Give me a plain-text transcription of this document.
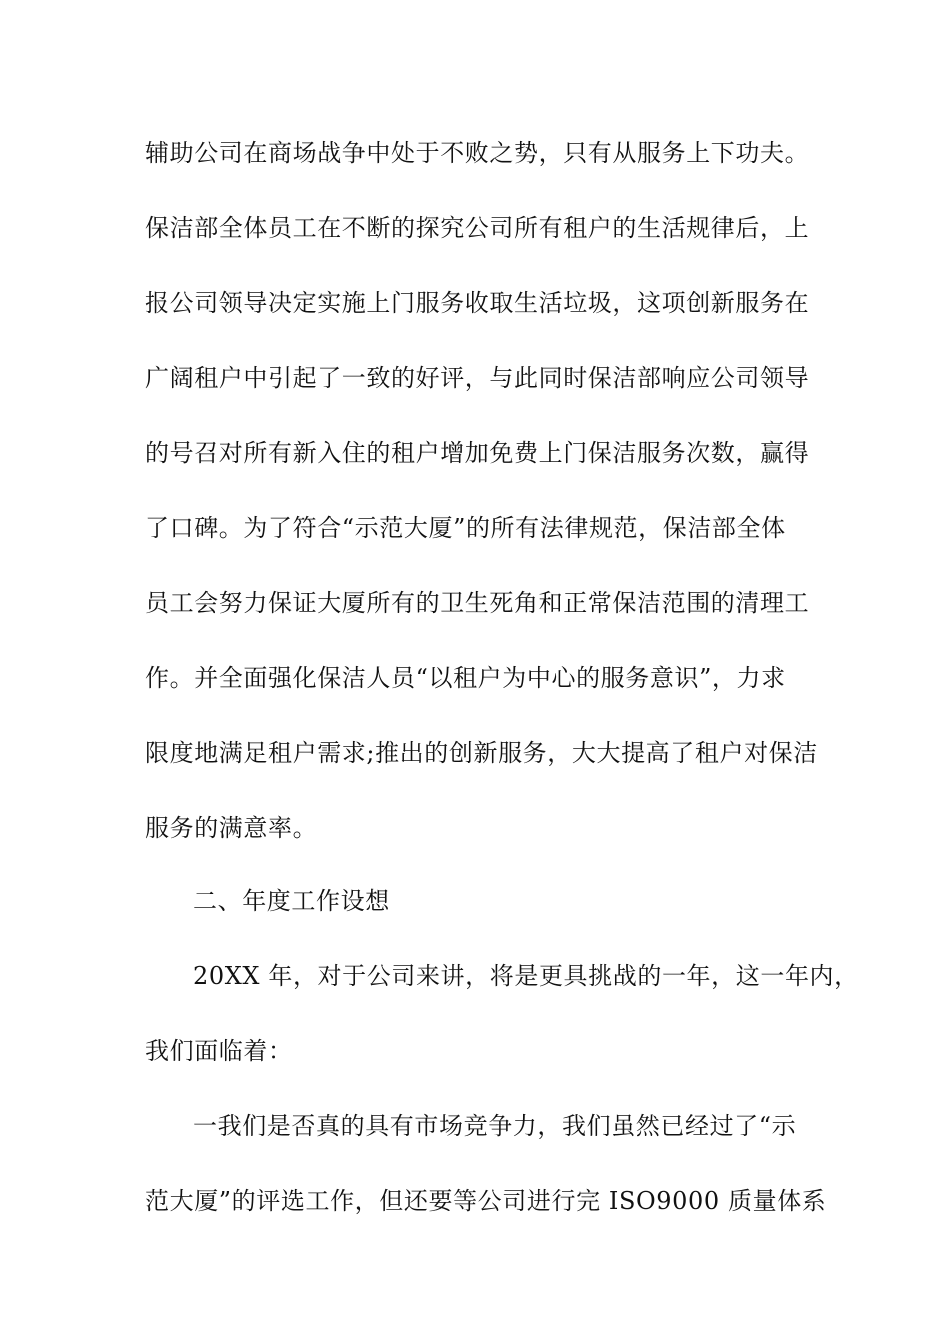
辅助公司在商场战争中处于不败之势，只有从服务上下功夫。
保洁部全体员工在不断的探究公司所有租户的生活规律后，上
报公司领导决定实施上门服务收取生活垃圾，这项创新服务在
广阔租户中引起了一致的好评，与此同时保洁部响应公司领导
的号召对所有新入住的租户增加免费上门保洁服务次数，赢得
了口碑。为了符合“示范大厦”的所有法律规范，保洁部全体
员工会努力保证大厦所有的卫生死角和正常保洁范围的清理工
作。并全面强化保洁人员“以租户为中心的服务意识”，力求
限度地满足租户需求;推出的创新服务，大大提高了租户对保洁
服务的满意率。
二、年度工作设想
20XX 年，对于公司来讲，将是更具挑战的一年，这一年内，
我们面临着：
一我们是否真的具有市场竞争力，我们虽然已经过了“示
范大厦”的评选工作，但还要等公司进行完 ISO9000 质量体系
